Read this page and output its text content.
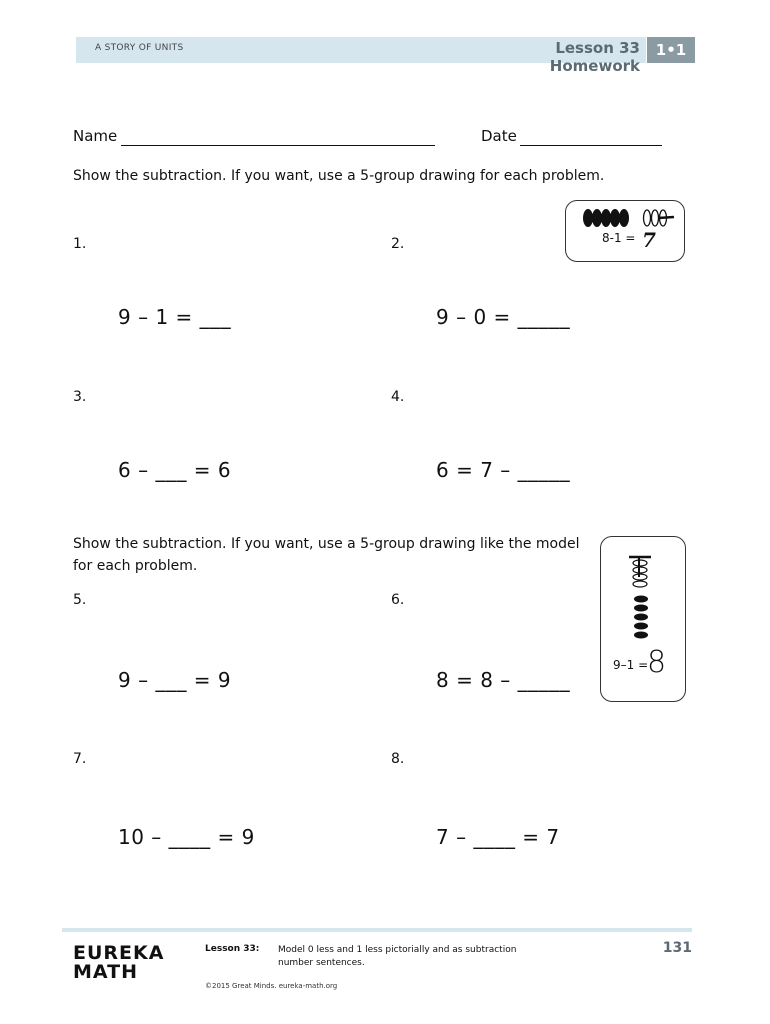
A STORY OF UNITS	Lesson 33 Homework
1•1
Name	Date
Show the subtraction. If you want, use a 5-group drawing for each problem.
8-1 = 7
1.	2.
9 – 1 = ___	9 – 0 = _____
3.	4.
6 – ___ = 6	6 = 7 – _____
Show the subtraction. If you want, use a 5-group drawing like the model
for each problem.
9–1 =
8
5.	6.
9 – ___ = 9	8 = 8 – _____
7.	8.
10 – ____ = 9	7 – ____ = 7
EUREKA
MATH
Lesson 33: Model 0 less and 1 less pictorially and as subtraction number sentences.
©2015 Great Minds. eureka-math.org
131
